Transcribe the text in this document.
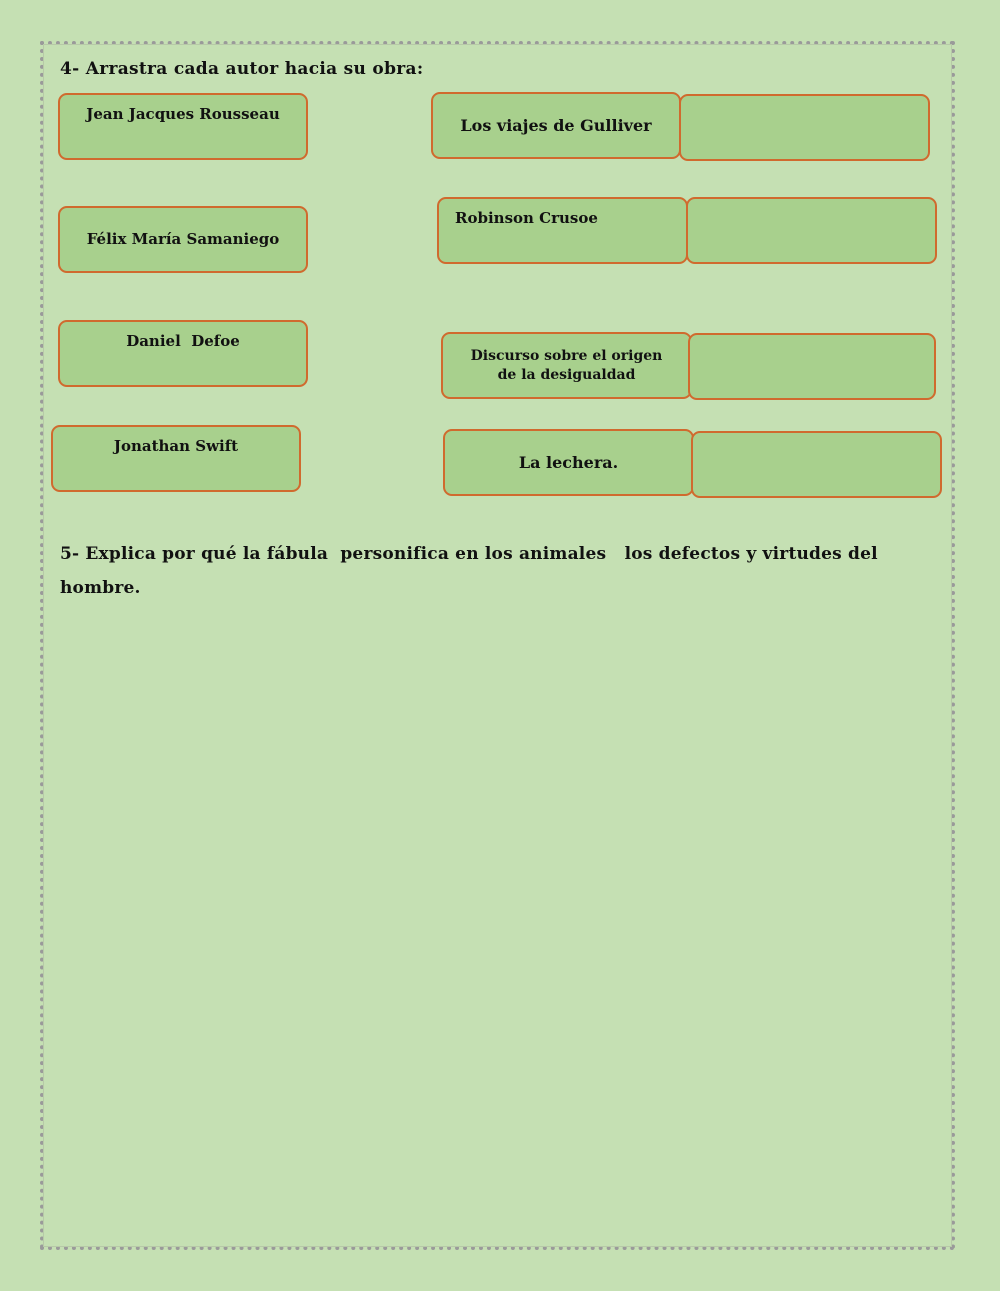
4- Arrastra cada autor hacia su obra:
Jean Jacques Rousseau
Félix María Samaniego
Daniel  Defoe
Jonathan Swift
Los viajes de Gulliver
Robinson Crusoe
Discurso sobre el origen de la desigualdad
La lechera.
5- Explica por qué la fábula  personifica en los animales   los defectos y virtudes del hombre.
